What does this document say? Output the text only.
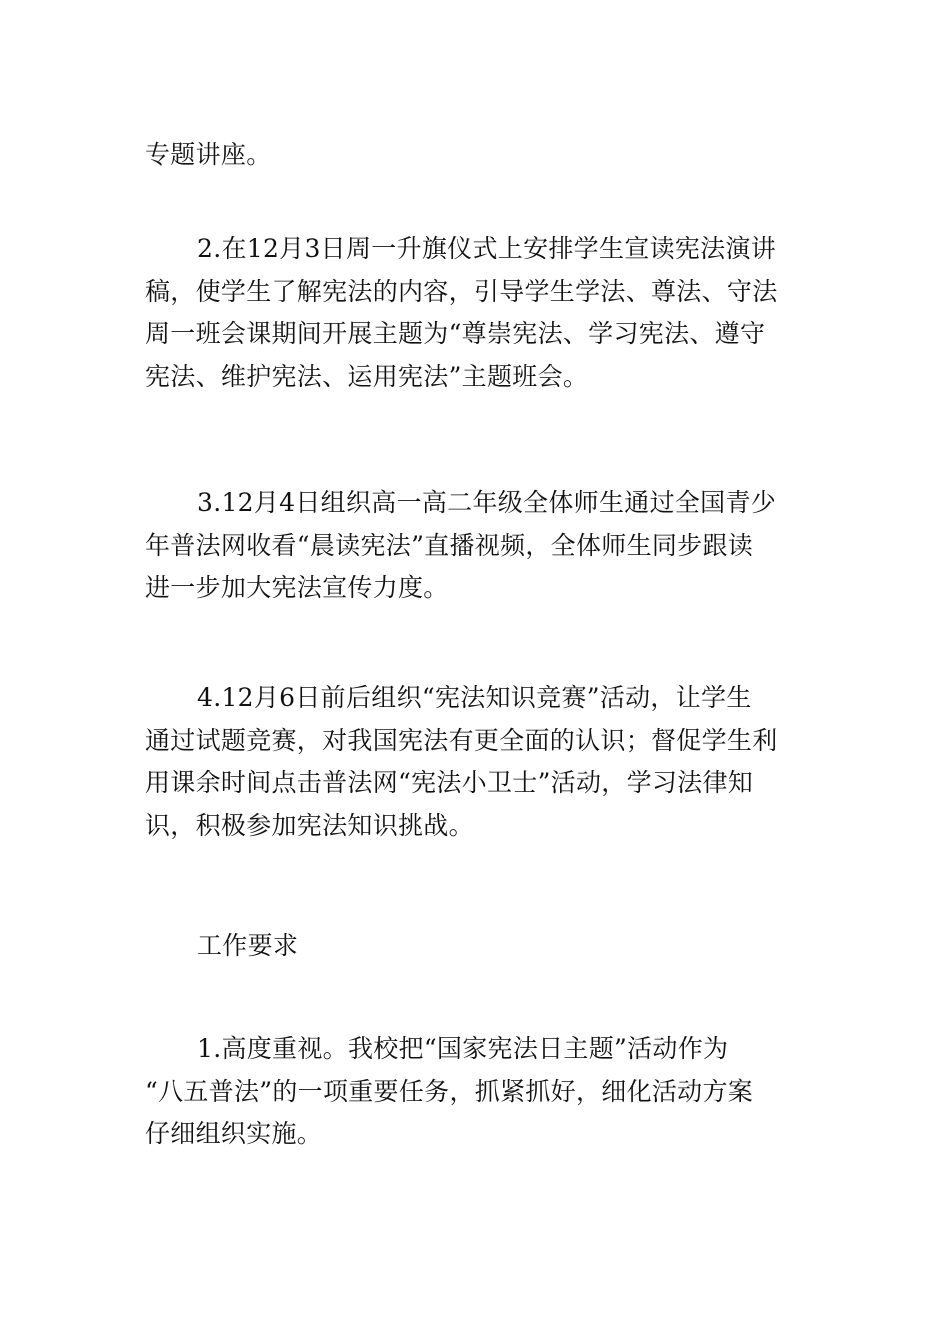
专题讲座。

2.在12月3日周一升旗仪式上安排学生宣读宪法演讲
稿，使学生了解宪法的内容，引导学生学法、尊法、守法
周一班会课期间开展主题为“尊崇宪法、学习宪法、遵守
宪法、维护宪法、运用宪法”主题班会。

3.12月4日组织高一高二年级全体师生通过全国青少
年普法网收看“晨读宪法”直播视频，全体师生同步跟读
进一步加大宪法宣传力度。

4.12月6日前后组织“宪法知识竞赛”活动，让学生
通过试题竞赛，对我国宪法有更全面的认识；督促学生利
用课余时间点击普法网“宪法小卫士”活动，学习法律知
识，积极参加宪法知识挑战。

工作要求

1.高度重视。我校把“国家宪法日主题”活动作为
“八五普法”的一项重要任务，抓紧抓好，细化活动方案
仔细组织实施。
